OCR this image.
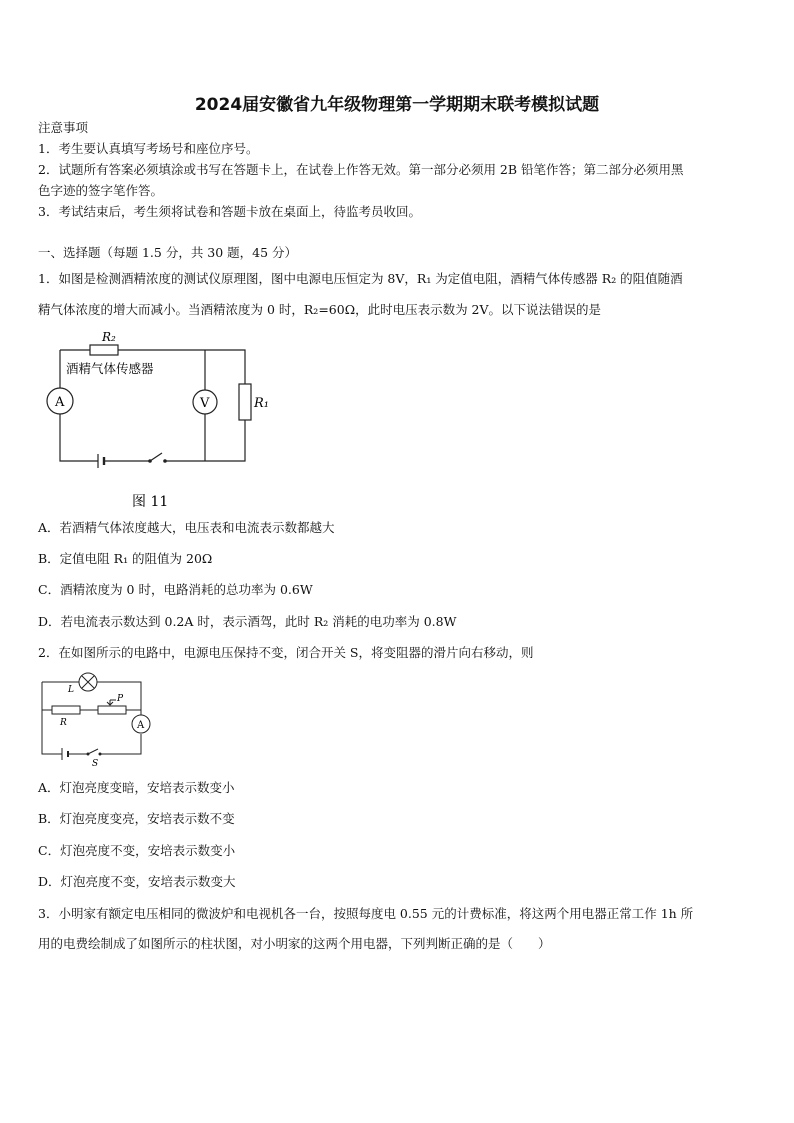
2024届安徽省九年级物理第一学期期末联考模拟试题
注意事项
1．考生要认真填写考场号和座位序号。
2．试题所有答案必须填涂或书写在答题卡上，在试卷上作答无效。第一部分必须用 2B 铅笔作答；第二部分必须用黑
色字迹的签字笔作答。
3．考试结束后，考生须将试卷和答题卡放在桌面上，待监考员收回。
一、选择题（每题 1.5 分，共 30 题，45 分）
1．如图是检测酒精浓度的测试仪原理图，图中电源电压恒定为 8V，R₁ 为定值电阻，酒精气体传感器 R₂ 的阻值随酒
精气体浓度的增大而减小。当酒精浓度为 0 时，R₂=60Ω，此时电压表示数为 2V。以下说法错误的是
R₂
酒精气体传感器
A	V	R₁
图 11
A．若酒精气体浓度越大，电压表和电流表示数都越大
B．定值电阻 R₁ 的阻值为 20Ω
C．酒精浓度为 0 时，电路消耗的总功率为 0.6W
D．若电流表示数达到 0.2A 时，表示酒驾，此时 R₂ 消耗的电功率为 0.8W
2．在如图所示的电路中，电源电压保持不变，闭合开关 S，将变阻器的滑片向右移动，则
L
R
P
A
S
A．灯泡亮度变暗，安培表示数变小
B．灯泡亮度变亮，安培表示数不变
C．灯泡亮度不变，安培表示数变小
D．灯泡亮度不变，安培表示数变大
3．小明家有额定电压相同的微波炉和电视机各一台，按照每度电 0.55 元的计费标准，将这两个用电器正常工作 1h 所
用的电费绘制成了如图所示的柱状图，对小明家的这两个用电器，下列判断正确的是（　　）
